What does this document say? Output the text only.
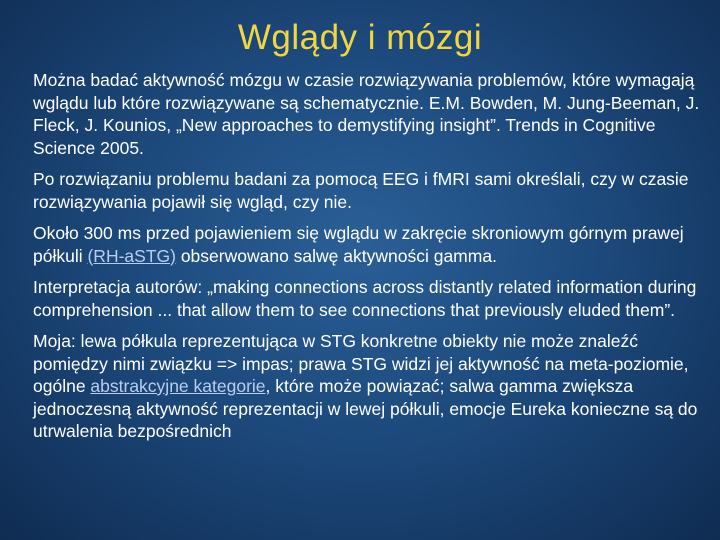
Wglądy i mózgi

Można badać aktywność mózgu w czasie rozwiązywania problemów, które wymagają wglądu lub które rozwiązywane są schematycznie. E.M. Bowden, M. Jung-Beeman, J. Fleck, J. Kounios, „New approaches to demystifying insight”. Trends in Cognitive Science 2005.

Po rozwiązaniu problemu badani za pomocą EEG i fMRI sami określali, czy w czasie rozwiązywania pojawił się wgląd, czy nie.

Około 300 ms przed pojawieniem się wglądu w zakręcie skroniowym górnym prawej półkuli (RH-aSTG) obserwowano salwę aktywności gamma.

Interpretacja autorów: „making connections across distantly related information during comprehension ... that allow them to see connections that previously eluded them”.

Moja: lewa półkula reprezentująca w STG konkretne obiekty nie może znaleźć pomiędzy nimi związku => impas; prawa STG widzi jej aktywność na meta-poziomie, ogólne abstrakcyjne kategorie, które może powiązać; salwa gamma zwiększa jednoczesną aktywność reprezentacji w lewej półkuli, emocje Eureka konieczne są do utrwalenia bezpośrednich
